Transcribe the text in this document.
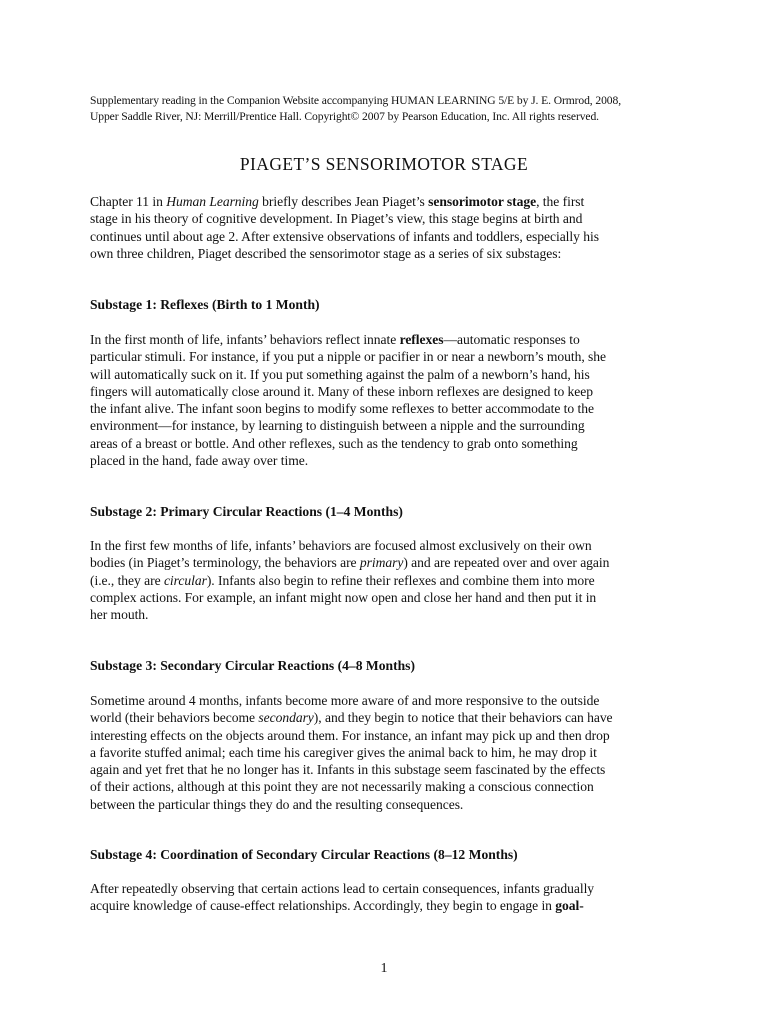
Supplementary reading in the Companion Website accompanying HUMAN LEARNING 5/E by J. E. Ormrod, 2008,
Upper Saddle River, NJ: Merrill/Prentice Hall. Copyright© 2007 by Pearson Education, Inc. All rights reserved.
PIAGET’S SENSORIMOTOR STAGE
Chapter 11 in Human Learning briefly describes Jean Piaget’s sensorimotor stage, the first
stage in his theory of cognitive development. In Piaget’s view, this stage begins at birth and
continues until about age 2. After extensive observations of infants and toddlers, especially his
own three children, Piaget described the sensorimotor stage as a series of six substages:
Substage 1: Reflexes (Birth to 1 Month)
In the first month of life, infants’ behaviors reflect innate reflexes—automatic responses to
particular stimuli. For instance, if you put a nipple or pacifier in or near a newborn’s mouth, she
will automatically suck on it. If you put something against the palm of a newborn’s hand, his
fingers will automatically close around it. Many of these inborn reflexes are designed to keep
the infant alive. The infant soon begins to modify some reflexes to better accommodate to the
environment—for instance, by learning to distinguish between a nipple and the surrounding
areas of a breast or bottle. And other reflexes, such as the tendency to grab onto something
placed in the hand, fade away over time.
Substage 2: Primary Circular Reactions (1–4 Months)
In the first few months of life, infants’ behaviors are focused almost exclusively on their own
bodies (in Piaget’s terminology, the behaviors are primary) and are repeated over and over again
(i.e., they are circular). Infants also begin to refine their reflexes and combine them into more
complex actions. For example, an infant might now open and close her hand and then put it in
her mouth.
Substage 3: Secondary Circular Reactions (4–8 Months)
Sometime around 4 months, infants become more aware of and more responsive to the outside
world (their behaviors become secondary), and they begin to notice that their behaviors can have
interesting effects on the objects around them. For instance, an infant may pick up and then drop
a favorite stuffed animal; each time his caregiver gives the animal back to him, he may drop it
again and yet fret that he no longer has it. Infants in this substage seem fascinated by the effects
of their actions, although at this point they are not necessarily making a conscious connection
between the particular things they do and the resulting consequences.
Substage 4: Coordination of Secondary Circular Reactions (8–12 Months)
After repeatedly observing that certain actions lead to certain consequences, infants gradually
acquire knowledge of cause-effect relationships. Accordingly, they begin to engage in goal-
1
